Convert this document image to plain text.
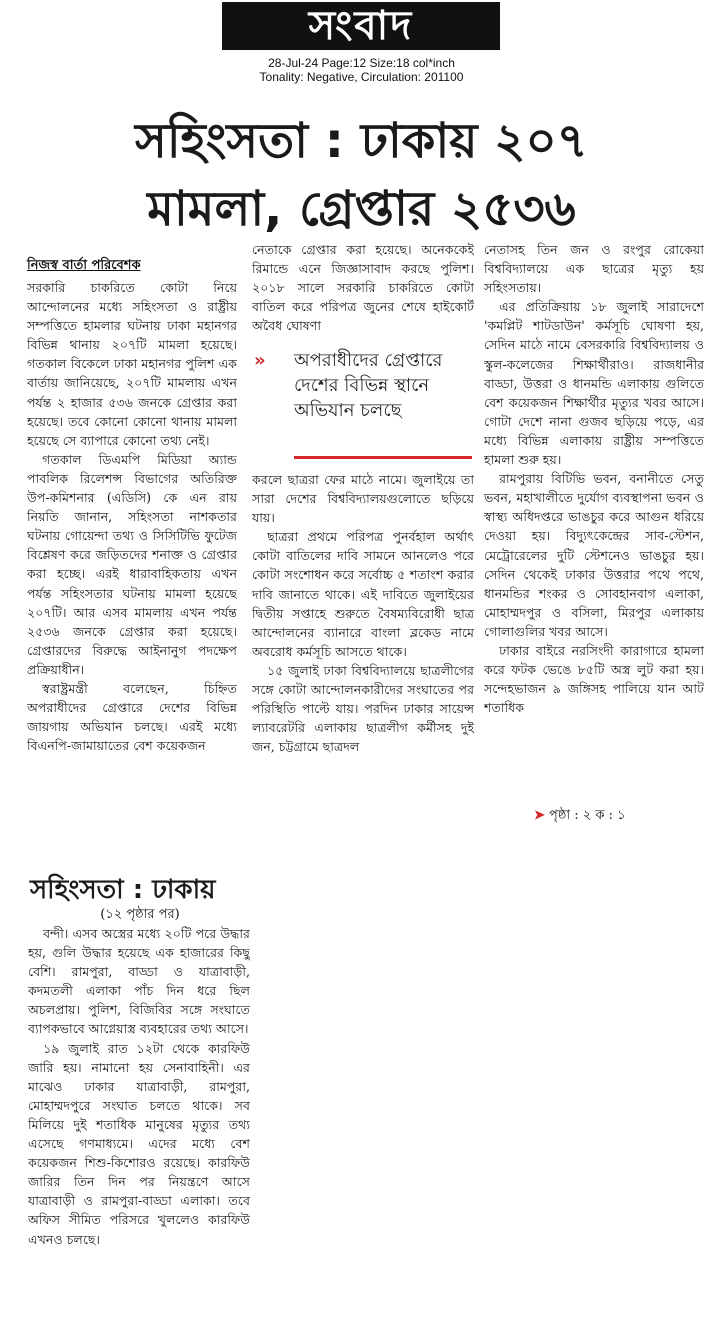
সংবাদ
28-Jul-24 Page:12 Size:18 col*inch
Tonality: Negative, Circulation: 201100
সহিংসতা : ঢাকায় ২০৭
মামলা, গ্রেপ্তার ২৫৩৬
নিজস্ব বার্তা পরিবেশক

সরকারি চাকরিতে কোটা নিয়ে আন্দোলনের মধ্যে সহিংসতা ও রাষ্ট্রীয় সম্পত্তিতে হামলার ঘটনায় ঢাকা মহানগর বিভিন্ন থানায় ২০৭টি মামলা হয়েছে। গতকাল বিকেলে ঢাকা মহানগর পুলিশ এক বার্তায় জানিয়েছে, ২০৭টি মামলায় এখন পর্যন্ত ২ হাজার ৫৩৬ জনকে গ্রেপ্তার করা হয়েছে। তবে কোনো কোনো থানায় মামলা হয়েছে সে ব্যাপারে কোনো তথ্য নেই।

গতকাল ডিএমপি মিডিয়া অ্যান্ড পাবলিক রিলেশন্স বিভাগের অতিরিক্ত উপ-কমিশনার (এডিসি) কে এন রায় নিয়তি জানান, সহিংসতা নাশকতার ঘটনায় গোয়েন্দা তথ্য ও সিসিটিভি ফুটেজ বিশ্লেষণ করে জড়িতদের শনাক্ত ও গ্রেপ্তার করা হচ্ছে। এরই ধারাবাহিকতায় এখন পর্যন্ত সহিংসতার ঘটনায় মামলা হয়েছে ২০৭টি। আর এসব মামলায় এখন পর্যন্ত ২৫৩৬ জনকে গ্রেপ্তার করা হয়েছে। গ্রেপ্তারদের বিরুদ্ধে আইনানুগ পদক্ষেপ প্রক্রিয়াধীন।

স্বরাষ্ট্রমন্ত্রী বলেছেন, চিহ্নিত অপরাধীদের গ্রেপ্তারে দেশের বিভিন্ন জায়গায় অভিযান চলছে। এরই মধ্যে বিএনপি-জামায়াতের বেশ কয়েকজন

নেতাকে গ্রেপ্তার করা হয়েছে। অনেককেই রিমান্ডে এনে জিজ্ঞাসাবাদ করছে পুলিশ। ২০১৮ সালে সরকারি চাকরিতে কোটা বাতিল করে পরিপত্র জুনের শেষে হাইকোর্ট অবৈধ ঘোষণা

» অপরাধীদের গ্রেপ্তারে দেশের বিভিন্ন স্থানে অভিযান চলছে

করলে ছাত্ররা ফের মাঠে নামে। জুলাইয়ে তা সারা দেশের বিশ্ববিদ্যালয়গুলোতে ছড়িয়ে যায়।

ছাত্ররা প্রথমে পরিপত্র পুনর্বহাল অর্থাৎ কোটা বাতিলের দাবি সামনে আনলেও পরে কোটা সংশোধন করে সর্বোচ্চ ৫ শতাংশ করার দাবি জানাতে থাকে। এই দাবিতে জুলাইয়ের দ্বিতীয় সপ্তাহে শুরুতে বৈষম্যবিরোধী ছাত্র আন্দোলনের ব্যানারে বাংলা ব্লকেড নামে অবরোধ কর্মসূচি আসতে থাকে।

১৫ জুলাই ঢাকা বিশ্ববিদ্যালয়ে ছাত্রলীগের সঙ্গে কোটা আন্দোলনকারীদের সংঘাতের পর পরিস্থিতি পাল্টে যায়। পরদিন ঢাকার সায়েন্স ল্যাবরেটরি এলাকায় ছাত্রলীগ কর্মীসহ দুই জন, চট্টগ্রামে ছাত্রদল

নেতাসহ তিন জন ও রংপুর রোকেয়া বিশ্ববিদ্যালয়ে এক ছাত্রের মৃত্যু হয় সহিংসতায়।

এর প্রতিক্রিয়ায় ১৮ জুলাই সারাদেশে 'কমপ্লিট শাটডাউন' কর্মসূচি ঘোষণা হয়, সেদিন মাঠে নামে বেসরকারি বিশ্ববিদ্যালয় ও স্কুল-কলেজের শিক্ষার্থীরাও। রাজধানীর বাড্ডা, উত্তরা ও ধানমন্ডি এলাকায় গুলিতে বেশ কয়েকজন শিক্ষার্থীর মৃত্যুর খবর আসে। গোটা দেশে নানা গুজব ছড়িয়ে পড়ে, এর মধ্যে বিভিন্ন এলাকায় রাষ্ট্রীয় সম্পত্তিতে হামলা শুরু হয়।

রামপুরায় বিটিভি ভবন, বনানীতে সেতু ভবন, মহাখালীতে দুর্যোগ ব্যবস্থাপনা ভবন ও স্বাস্থ্য অধিদপ্তরে ভাঙচুর করে আগুন ধরিয়ে দেওয়া হয়। বিদ্যুৎকেন্দ্রের সাব-স্টেশন, মেট্রোরেলের দুটি স্টেশনেও ভাঙচুর হয়। সেদিন থেকেই ঢাকার উত্তরার পথে পথে, ধানমন্ডির শংকর ও সোবহানবাগ এলাকা, মোহাম্মদপুর ও বসিলা, মিরপুর এলাকায় গোলাগুলির খবর আসে।

ঢাকার বাইরে নরসিংদী কারাগারে হামলা করে ফটক ভেঙে ৮৫টি অস্ত্র লুট করা হয়। সন্দেহভাজন ৯ জঙ্গিসহ পালিয়ে যান আট শতাধিক

➤ পৃষ্ঠা : ২ ক : ১
সহিংসতা : ঢাকায়
(১২ পৃষ্ঠার পর)

বন্দী। এসব অস্ত্রের মধ্যে ২০টি পরে উদ্ধার হয়, গুলি উদ্ধার হয়েছে এক হাজারের কিছু বেশি। রামপুরা, বাড্ডা ও যাত্রাবাড়ী, কদমতলী এলাকা পাঁচ দিন ধরে ছিল অচলপ্রায়। পুলিশ, বিজিবির সঙ্গে সংঘাতে ব্যাপকভাবে আগ্নেয়াস্ত্র ব্যবহারের তথ্য আসে।

১৯ জুলাই রাত ১২টা থেকে কারফিউ জারি হয়। নামানো হয় সেনাবাহিনী। এর মাঝেও ঢাকার যাত্রাবাড়ী, রামপুরা, মোহাম্মদপুরে সংঘাত চলতে থাকে। সব মিলিয়ে দুই শতাধিক মানুষের মৃত্যুর তথ্য এসেছে গণমাধ্যমে। এদের মধ্যে বেশ কয়েকজন শিশু-কিশোরও রয়েছে। কারফিউ জারির তিন দিন পর নিয়ন্ত্রণে আসে যাত্রাবাড়ী ও রামপুরা-বাড্ডা এলাকা। তবে অফিস সীমিত পরিসরে খুললেও কারফিউ এখনও চলছে।
